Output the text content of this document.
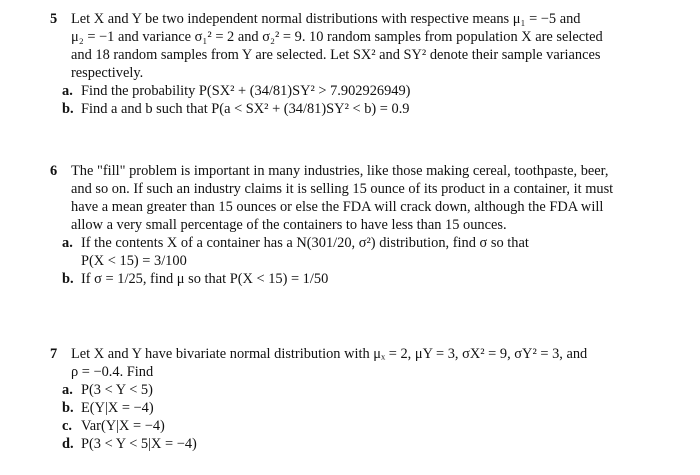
5 Let X and Y be two independent normal distributions with respective means μ₁ = −5 and
μ₂ = −1 and variance σ₁² = 2 and σ₂² = 9. 10 random samples from population X are selected
and 18 random samples from Y are selected. Let SX² and SY² denote their sample variances
respectively.
a. Find the probability P(SX² + (34/81)SY² > 7.902926949)
b. Find a and b such that P(a < SX² + (34/81)SY² < b) = 0.9
6 The "fill" problem is important in many industries, like those making cereal, toothpaste, beer,
and so on. If such an industry claims it is selling 15 ounce of its product in a container, it must
have a mean greater than 15 ounces or else the FDA will crack down, although the FDA will
allow a very small percentage of the containers to have less than 15 ounces.
a. If the contents X of a container has a N(301/20, σ²) distribution, find σ so that
P(X < 15) = 3/100
b. If σ = 1/25, find μ so that P(X < 15) = 1/50
7 Let X and Y have bivariate normal distribution with μₓ = 2, μY = 3, σX² = 9, σY² = 3, and
ρ = −0.4. Find
a. P(3 < Y < 5)
b. E(Y|X = −4)
c. Var(Y|X = −4)
d. P(3 < Y < 5|X = −4)
